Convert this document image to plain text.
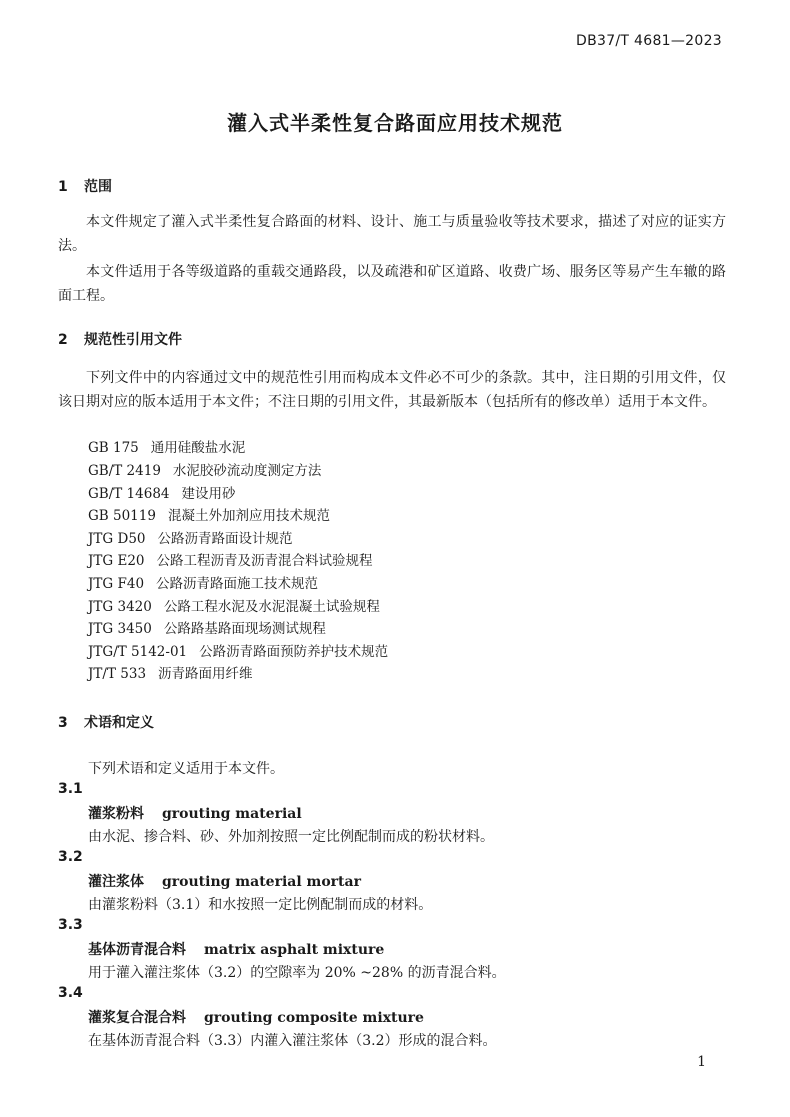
DB37/T 4681—2023
灌入式半柔性复合路面应用技术规范
1 范围
本文件规定了灌入式半柔性复合路面的材料、设计、施工与质量验收等技术要求，描述了对应的证实方法。
本文件适用于各等级道路的重载交通路段，以及疏港和矿区道路、收费广场、服务区等易产生车辙的路面工程。
2 规范性引用文件
下列文件中的内容通过文中的规范性引用而构成本文件必不可少的条款。其中，注日期的引用文件，仅该日期对应的版本适用于本文件；不注日期的引用文件，其最新版本（包括所有的修改单）适用于本文件。
GB 175 通用硅酸盐水泥
GB/T 2419 水泥胶砂流动度测定方法
GB/T 14684 建设用砂
GB 50119 混凝土外加剂应用技术规范
JTG D50 公路沥青路面设计规范
JTG E20 公路工程沥青及沥青混合料试验规程
JTG F40 公路沥青路面施工技术规范
JTG 3420 公路工程水泥及水泥混凝土试验规程
JTG 3450 公路路基路面现场测试规程
JTG/T 5142-01 公路沥青路面预防养护技术规范
JT/T 533 沥青路面用纤维
3 术语和定义
下列术语和定义适用于本文件。
3.1
灌浆粉料 grouting material
由水泥、掺合料、砂、外加剂按照一定比例配制而成的粉状材料。
3.2
灌注浆体 grouting material mortar
由灌浆粉料（3.1）和水按照一定比例配制而成的材料。
3.3
基体沥青混合料 matrix asphalt mixture
用于灌入灌注浆体（3.2）的空隙率为 20% ~28% 的沥青混合料。
3.4
灌浆复合混合料 grouting composite mixture
在基体沥青混合料（3.3）内灌入灌注浆体（3.2）形成的混合料。
1
